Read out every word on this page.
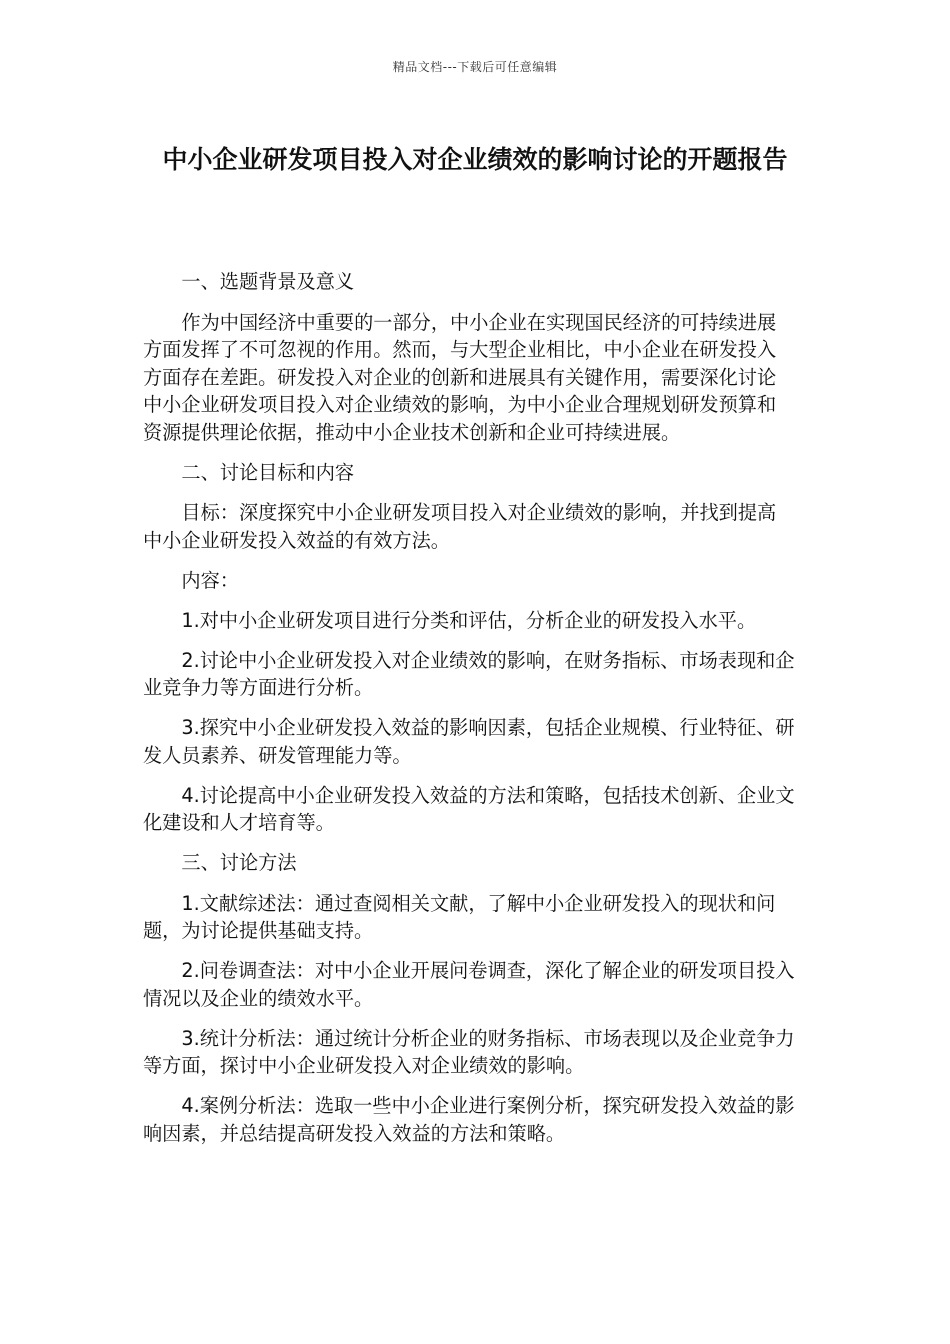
精品文档---下载后可任意编辑
中小企业研发项目投入对企业绩效的影响讨论的开题报告
一、选题背景及意义

作为中国经济中重要的一部分，中小企业在实现国民经济的可持续进展方面发挥了不可忽视的作用。然而，与大型企业相比，中小企业在研发投入方面存在差距。研发投入对企业的创新和进展具有关键作用，需要深化讨论中小企业研发项目投入对企业绩效的影响，为中小企业合理规划研发预算和资源提供理论依据，推动中小企业技术创新和企业可持续进展。

二、讨论目标和内容

目标：深度探究中小企业研发项目投入对企业绩效的影响，并找到提高中小企业研发投入效益的有效方法。

内容：

1.对中小企业研发项目进行分类和评估，分析企业的研发投入水平。

2.讨论中小企业研发投入对企业绩效的影响，在财务指标、市场表现和企业竞争力等方面进行分析。

3.探究中小企业研发投入效益的影响因素，包括企业规模、行业特征、研发人员素养、研发管理能力等。

4.讨论提高中小企业研发投入效益的方法和策略，包括技术创新、企业文化建设和人才培育等。

三、讨论方法

1.文献综述法：通过查阅相关文献，了解中小企业研发投入的现状和问题，为讨论提供基础支持。

2.问卷调查法：对中小企业开展问卷调查，深化了解企业的研发项目投入情况以及企业的绩效水平。

3.统计分析法：通过统计分析企业的财务指标、市场表现以及企业竞争力等方面，探讨中小企业研发投入对企业绩效的影响。

4.案例分析法：选取一些中小企业进行案例分析，探究研发投入效益的影响因素，并总结提高研发投入效益的方法和策略。
